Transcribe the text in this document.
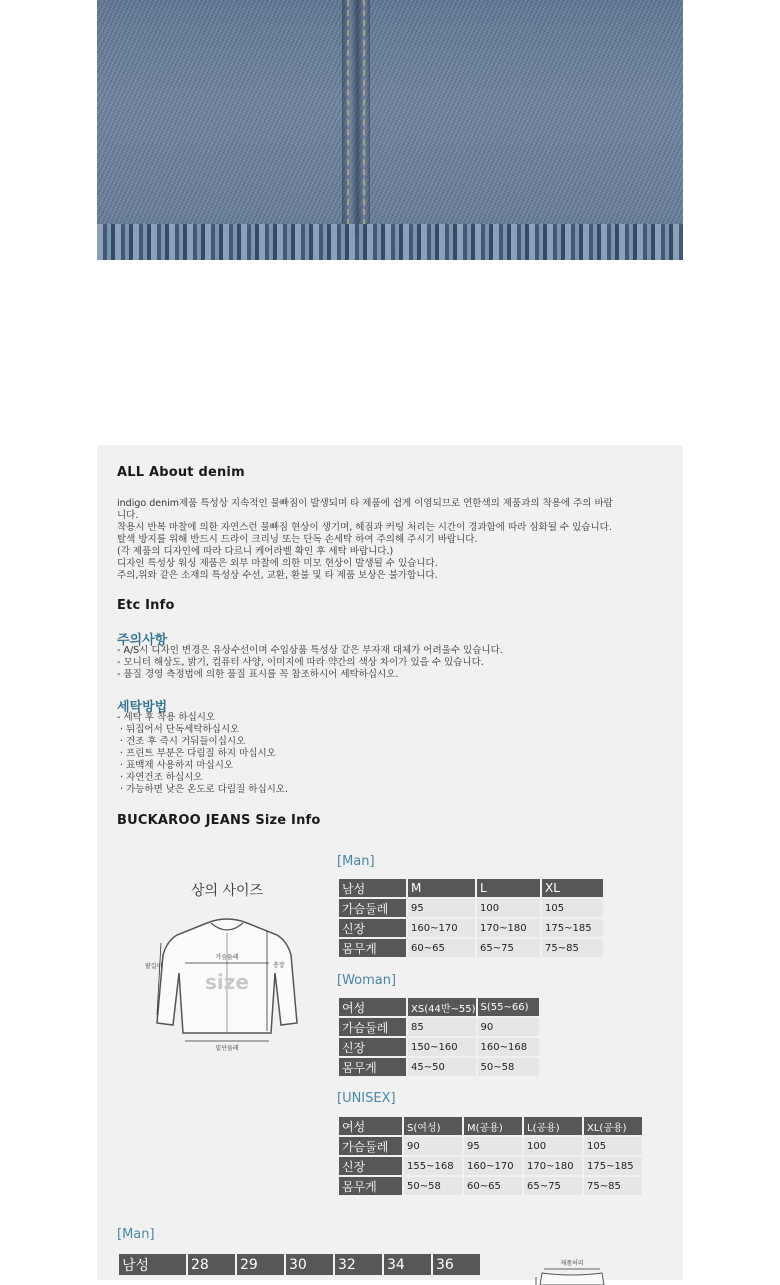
ALL About denim
indigo denim제품 특성상 지속적인 물빠짐이 발생되며 타 제품에 쉽게 이염되므로 연한색의 제품과의 착용에 주의 바랍
니다.
착용시 반복 마찰에 의한 자연스런 물빠짐 현상이 생기며, 헤짐과 커팅 처리는 시간이 경과함에 따라 심화될 수 있습니다.
탈색 방지를 위해 반드시 드라이 크리닝 또는 단독 손세탁 하여 주의해 주시기 바랍니다.
(각 제품의 디자인에 따라 다르니 케어라벨 확인 후 세탁 바랍니다.)
디자인 특성상 워싱 제품은 외부 마찰에 의한 미모 현상이 발생될 수 있습니다.
주의,위와 같은 소재의 특성상 수선, 교환, 환불 및 타 제품 보상은 불가합니다.
Etc Info
주의사항
- A/S시 디자인 변경은 유상수선이며 수입상품 특성상 같은 부자재 대체가 어려울수 있습니다.
- 모니터 해상도, 밝기, 컴퓨터 사양, 이미지에 따라 약간의 색상 차이가 있을 수 있습니다.
- 품질 경영 측정법에 의한 품질 표시를 꼭 참조하시어 세탁하십시오.
세탁방법
- 세탁 후 착용 하십시오
· 뒤집어서 단독세탁하십시오
· 건조 후 즉시 거둬들이십시오
· 프린트 부분은 다림질 하지 마십시오
· 표백제 사용하지 마십시오
· 자연건조 하십시오
· 가능하면 낮은 온도로 다림질 하십시오.
BUCKAROO JEANS Size Info
상의 사이즈
가슴둘레
총장
팔길이
밑단둘레
size
[Man]
남성	M	L	XL
가슴둘레	95	100	105
신장	160~170	170~180	175~185
몸무게	60~65	65~75	75~85
[Woman]
여성	XS(44반~55)	S(55~66)
가슴둘레	85	90
신장	150~160	160~168
몸무게	45~50	50~58
[UNISEX]
여성	S(여성)	M(공용)	L(공용)	XL(공용)
가슴둘레	90	95	100	105
신장	155~168	160~170	170~180	175~185
몸무게	50~58	60~65	65~75	75~85
[Man]
남성	28	29	30	32	34	36	제품허리
